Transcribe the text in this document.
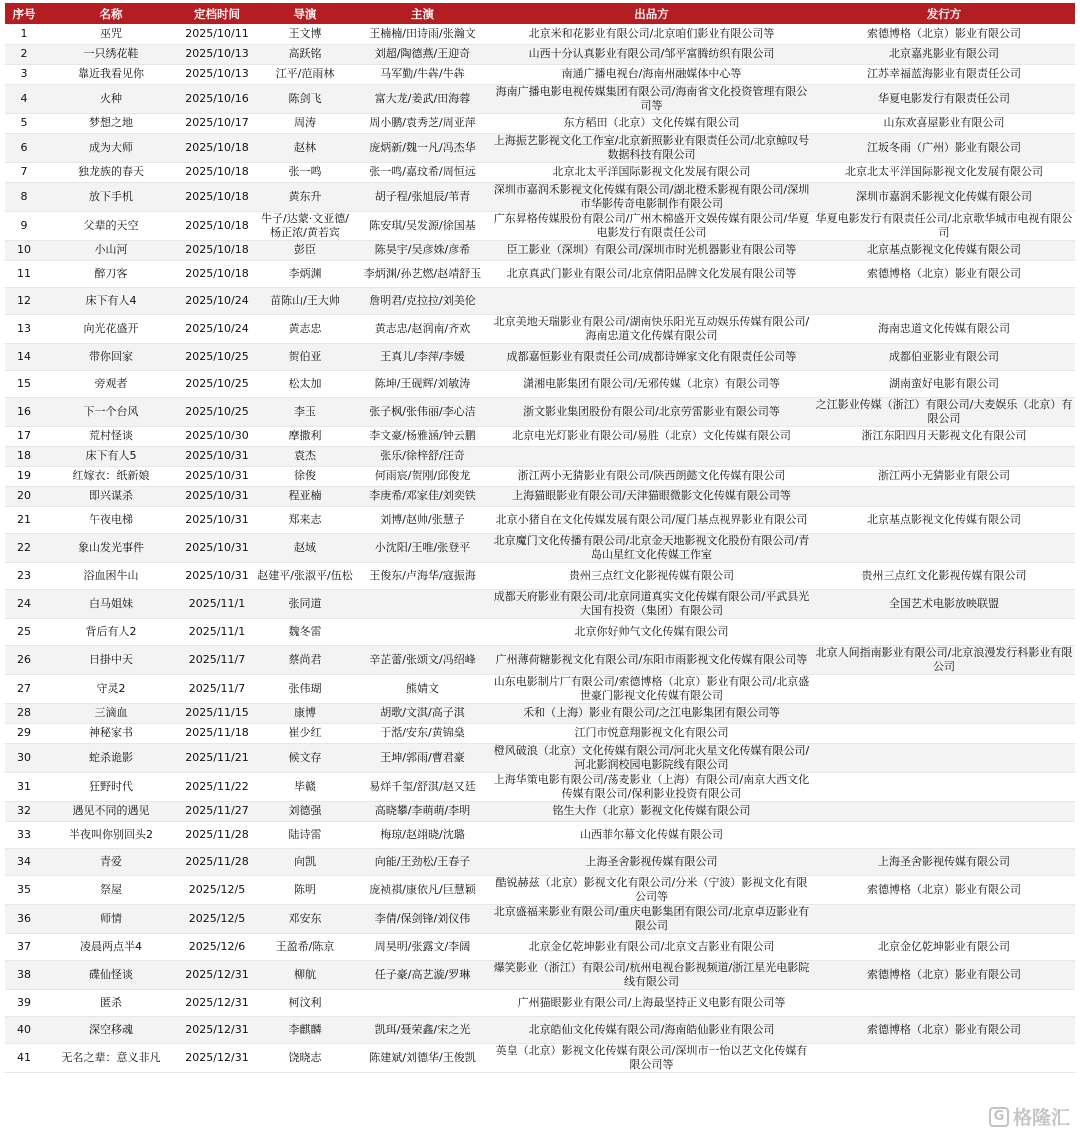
序号	名称	定档时间	导演	主演	出品方	发行方
1	巫咒	2025/10/11	王文博	王楠楠/田诗雨/张瀚文	北京米和花影业有限公司/北京咱们影业有限公司等	索德博格（北京）影业有限公司
2	一只绣花鞋	2025/10/13	高跃铭	刘超/陶德燕/王迎奇	山西十分认真影业有限公司/邹平富腾纺织有限公司	北京嘉兆影业有限公司
3	靠近我看见你	2025/10/13	江平/范雨林	马军勤/牛犇/牛犇	南通广播电视台/海南州融媒体中心等	江苏幸福蓝海影业有限责任公司
4	火种	2025/10/16	陈剑飞	富大龙/姜武/田海蓉	海南广播电影电视传媒集团有限公司/海南省文化投资管理有限公司等	华夏电影发行有限责任公司
5	梦想之地	2025/10/17	周涛	周小鹏/袁秀芝/周亚萍	东方稻田（北京）文化传媒有限公司	山东欢喜屋影业有限公司
6	成为大师	2025/10/18	赵林	庞炳新/魏一凡/冯杰华	上海振艺影视文化工作室/北京新照影业有限责任公司/北京鲸叹号数据科技有限公司	江坂冬雨（广州）影业有限公司
7	独龙族的春天	2025/10/18	张一鸣	张一鸣/嘉玟希/周恒远	北京北太平洋国际影视文化发展有限公司	北京北太平洋国际影视文化发展有限公司
8	放下手机	2025/10/18	黄东升	胡子程/张旭辰/苇青	深圳市嘉润禾影视文化传媒有限公司/湖北橙禾影视有限公司/深圳市华影传奇电影制作有限公司	深圳市嘉润禾影视文化传媒有限公司
9	父辈的天空	2025/10/18	牛子/达蒙·文亚德/杨正浓/黄若宾	陈安琪/吴发源/徐国基	广东昇格传媒股份有限公司/广州木棉盛开文娱传媒有限公司/华夏电影发行有限责任公司	华夏电影发行有限责任公司/北京歌华城市电视有限公司
10	小山河	2025/10/18	彭臣	陈昊宇/吴彦姝/彦希	臣工影业（深圳）有限公司/深圳市时光机器影业有限公司等	北京基点影视文化传媒有限公司
11	醉刀客	2025/10/18	李炳渊	李炳渊/孙艺燃/赵靖舒玉	北京真武门影业有限公司/北京倩阳品牌文化发展有限公司等	索德博格（北京）影业有限公司
12	床下有人4	2025/10/24	苗陈山/王大帅	詹明君/克拉拉/刘美伦		
13	向光花盛开	2025/10/24	黄志忠	黄志忠/赵润南/齐欢	北京美地天瑞影业有限公司/湖南快乐阳光互动娱乐传媒有限公司/海南忠道文化传媒有限公司	海南忠道文化传媒有限公司
14	带你回家	2025/10/25	贺伯亚	王真儿/李萍/李媛	成都嘉恒影业有限责任公司/成都诗婵家文化有限责任公司等	成都伯亚影业有限公司
15	旁观者	2025/10/25	松太加	陈坤/王砚辉/刘敏涛	潇湘电影集团有限公司/无邪传媒（北京）有限公司等	湖南蛮好电影有限公司
16	下一个台风	2025/10/25	李玉	张子枫/张伟丽/李心洁	浙文影业集团股份有限公司/北京劳雷影业有限公司等	之江影业传媒（浙江）有限公司/大麦娱乐（北京）有限公司
17	荒村怪谈	2025/10/30	摩撒利	李文豪/杨雅涵/钟云鹏	北京电光灯影业有限公司/易胜（北京）文化传媒有限公司	浙江东阳四月天影视文化有限公司
18	床下有人5	2025/10/31	袁杰	张乐/徐梓舒/汪奇		
19	红嫁衣：纸新娘	2025/10/31	徐俊	何雨宸/贺刚/邱俊龙	浙江两小无猜影业有限公司/陕西朗懿文化传媒有限公司	浙江两小无猜影业有限公司
20	即兴谋杀	2025/10/31	程亚楠	李庚希/邓家佳/刘奕铁	上海猫眼影业有限公司/天津猫眼微影文化传媒有限公司等	
21	午夜电梯	2025/10/31	郑来志	刘博/赵帅/张慧子	北京小猪自在文化传媒发展有限公司/厦门基点视界影业有限公司	北京基点影视文化传媒有限公司
22	象山发光事件	2025/10/31	赵域	小沈阳/王唯/张登平	北京魔门文化传播有限公司/北京金天地影视文化股份有限公司/青岛山星红文化传媒工作室	
23	浴血困牛山	2025/10/31	赵建平/张淑平/伍松	王俊东/卢海华/寇振海	贵州三点红文化影视传媒有限公司	贵州三点红文化影视传媒有限公司
24	白马姐妹	2025/11/1	张同道		成都天府影业有限公司/北京同道真实文化传媒有限公司/平武县光大国有投资（集团）有限公司	全国艺术电影放映联盟
25	背后有人2	2025/11/1	魏冬雷		北京你好帅气文化传媒有限公司	
26	日掛中天	2025/11/7	蔡尚君	辛芷蕾/张颂文/冯绍峰	广州薄荷糖影视文化有限公司/东阳市雨影视文化传媒有限公司等	北京人间指南影业有限公司/北京浪漫发行科影业有限公司
27	守灵2	2025/11/7	张伟瑚	熊婧文	山东电影制片厂有限公司/索德博格（北京）影业有限公司/北京盛世豪门影视文化传媒有限公司	
28	三滴血	2025/11/15	康博	胡歌/文淇/高子淇	禾和（上海）影业有限公司/之江电影集团有限公司等	
29	神秘家书	2025/11/18	崔少红	于湉/安东/黄锦燊	江门市悦意翔影视文化有限公司	
30	蛇杀诡影	2025/11/21	候文存	王坤/郭雨/曹君豪	橙风破浪（北京）文化传媒有限公司/河北火星文化传媒有限公司/河北影润校园电影院线有限公司	
31	狂野时代	2025/11/22	毕赣	易烊千玺/舒淇/赵又廷	上海华策电影有限公司/荡麦影业（上海）有限公司/南京大西文化传媒有限公司/保利影业投资有限公司	
32	遇见不同的遇见	2025/11/27	刘德强	高晓攀/李萌萌/李明	铭生大作（北京）影视文化传媒有限公司	
33	半夜叫你别回头2	2025/11/28	陆诗雷	梅琼/赵翊晓/沈璐	山西菲尔幕文化传媒有限公司	
34	青爱	2025/11/28	向凯	向能/王劲松/王春子	上海圣舍影视传媒有限公司	上海圣舍影视传媒有限公司
35	祭屋	2025/12/5	陈明	庞祯祺/康依凡/巨慧颖	酷锐赫兹（北京）影视文化有限公司/分米（宁波）影视文化有限公司等	索德博格（北京）影业有限公司
36	师情	2025/12/5	邓安东	李倩/保剑锋/刘仪伟	北京盛福来影业有限公司/重庆电影集团有限公司/北京卓迈影业有限公司	
37	凌晨两点半4	2025/12/6	王盈希/陈京	周昊明/张露文/李阔	北京金亿乾坤影业有限公司/北京文吉影业有限公司	北京金亿乾坤影业有限公司
38	碟仙怪谈	2025/12/31	柳航	任子豪/高艺漩/罗琳	爆笑影业（浙江）有限公司/杭州电视台影视频道/浙江星光电影院线有限公司	索德博格（北京）影业有限公司
39	匿杀	2025/12/31	柯汶利		广州猫眼影业有限公司/上海最坚持正义电影有限公司等	
40	深空移魂	2025/12/31	李麒麟	凯珥/聂荣鑫/宋之光	北京皓仙文化传媒有限公司/海南皓仙影业有限公司	索德博格（北京）影业有限公司
41	无名之辈：意义非凡	2025/12/31	饶晓志	陈建斌/刘德华/王俊凯	英皇（北京）影视文化传媒有限公司/深圳市一怡以艺文化传媒有限公司等	
G 格隆汇
